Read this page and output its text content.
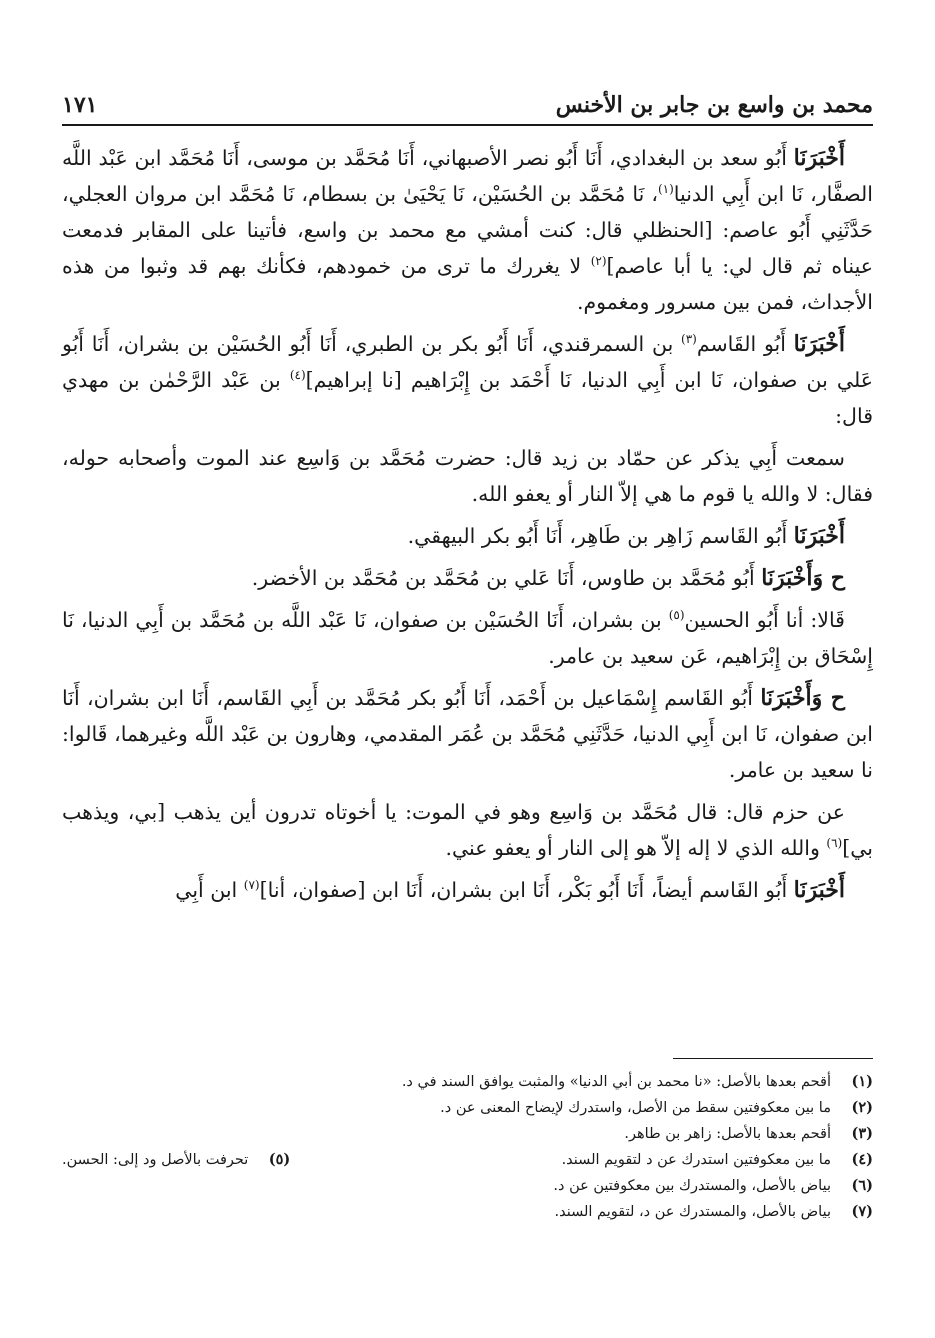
محمد بن واسع بن جابر بن الأخنس
١٧١

أَخْبَرَنَا أَبُو سعد بن البغدادي، أَنَا أَبُو نصر الأصبهاني، أَنَا مُحَمَّد بن موسى، أَنَا مُحَمَّد ابن عَبْد اللَّه الصفَّار، نَا ابن أَبِي الدنيا$^{(١)}$، نَا مُحَمَّد بن الحُسَيْن، نَا يَحْيَىٰ بن بسطام، نَا مُحَمَّد ابن مروان العجلي، حَدَّثَنِي أَبُو عاصم: [الحنظلي قال: كنت أمشي مع محمد بن واسع، فأتينا على المقابر فدمعت عيناه ثم قال لي: يا أبا عاصم]$^{(٢)}$ لا يغررك ما ترى من خمودهم، فكأنك بهم قد وثبوا من هذه الأجداث، فمن بين مسرور ومغموم.

أَخْبَرَنَا أَبُو القَاسم$^{(٣)}$ بن السمرقندي، أَنَا أَبُو بكر بن الطبري، أَنَا أَبُو الحُسَيْن بن بشران، أَنَا أَبُو عَلي بن صفوان، نَا ابن أَبِي الدنيا، نَا أَحْمَد بن إِبْرَاهيم [نا إبراهيم]$^{(٤)}$ بن عَبْد الرَّحْمٰن بن مهدي قال:

سمعت أَبِي يذكر عن حمّاد بن زيد قال: حضرت مُحَمَّد بن وَاسِع عند الموت وأصحابه حوله، فقال: لا والله يا قوم ما هي إلاّ النار أو يعفو الله.

أَخْبَرَنَا أَبُو القَاسم زَاهِر بن طَاهِر، أَنَا أَبُو بكر البيهقي.

ح وَأَخْبَرَنَا أَبُو مُحَمَّد بن طاوس، أَنَا عَلي بن مُحَمَّد بن مُحَمَّد بن الأخضر.

قَالا: أنا أَبُو الحسين$^{(٥)}$ بن بشران، أَنَا الحُسَيْن بن صفوان، نَا عَبْد اللَّه بن مُحَمَّد بن أَبِي الدنيا، نَا إِسْحَاق بن إِبْرَاهيم، عَن سعيد بن عامر.

ح وَأَخْبَرَنَا أَبُو القَاسم إِسْمَاعيل بن أَحْمَد، أَنَا أَبُو بكر مُحَمَّد بن أَبِي القَاسم، أَنَا ابن بشران، أَنَا ابن صفوان، نَا ابن أَبِي الدنيا، حَدَّثَنِي مُحَمَّد بن عُمَر المقدمي، وهارون بن عَبْد اللَّه وغيرهما، قَالوا: نا سعيد بن عامر.

عن حزم قال: قال مُحَمَّد بن وَاسِع وهو في الموت: يا أخوتاه تدرون أين يذهب [بي، ويذهب بي]$^{(٦)}$ والله الذي لا إله إلاّ هو إلى النار أو يعفو عني.

أَخْبَرَنَا أَبُو القَاسم أيضاً، أَنَا أَبُو بَكْر، أَنَا ابن بشران، أَنَا ابن [صفوان، أنا]$^{(٧)}$ ابن أَبِي

(١)
أقحم بعدها بالأصل: «نا محمد بن أبي الدنيا» والمثبت يوافق السند في د.
(٢)
ما بين معكوفتين سقط من الأصل، واستدرك لإيضاح المعنى عن د.
(٣)
أقحم بعدها بالأصل: زاهر بن طاهر.
(٤)
ما بين معكوفتين استدرك عن د لتقويم السند.
(٥)
تحرفت بالأصل ود إلى: الحسن.
(٦)
بياض بالأصل، والمستدرك بين معكوفتين عن د.
(٧)
بياض بالأصل، والمستدرك عن د، لتقويم السند.
